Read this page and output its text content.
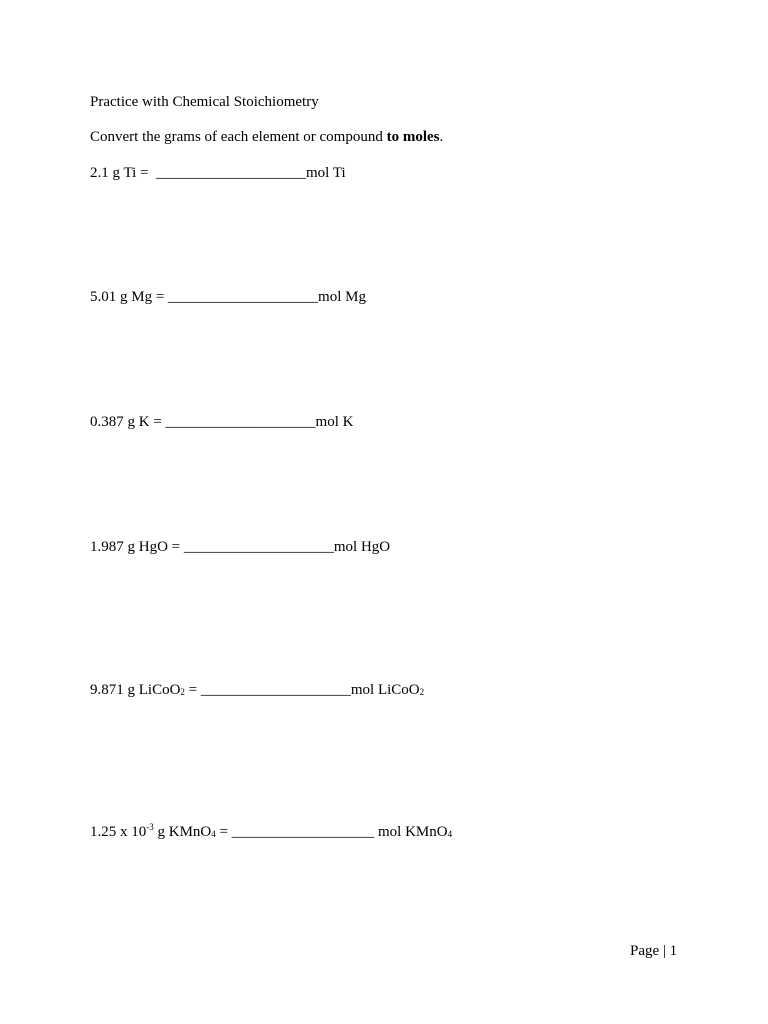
Practice with Chemical Stoichiometry
Convert the grams of each element or compound to moles.
2.1 g Ti =  ____________________mol Ti
5.01 g Mg = ____________________mol Mg
0.387 g K = ____________________mol K
1.987 g HgO = ____________________mol HgO
9.871 g LiCoO$_2$ = ____________________mol LiCoO$_2$
1.25 x $10^{-3}$ g KMnO$_4$ = ___________________ mol KMnO$_4$
Page | 1
